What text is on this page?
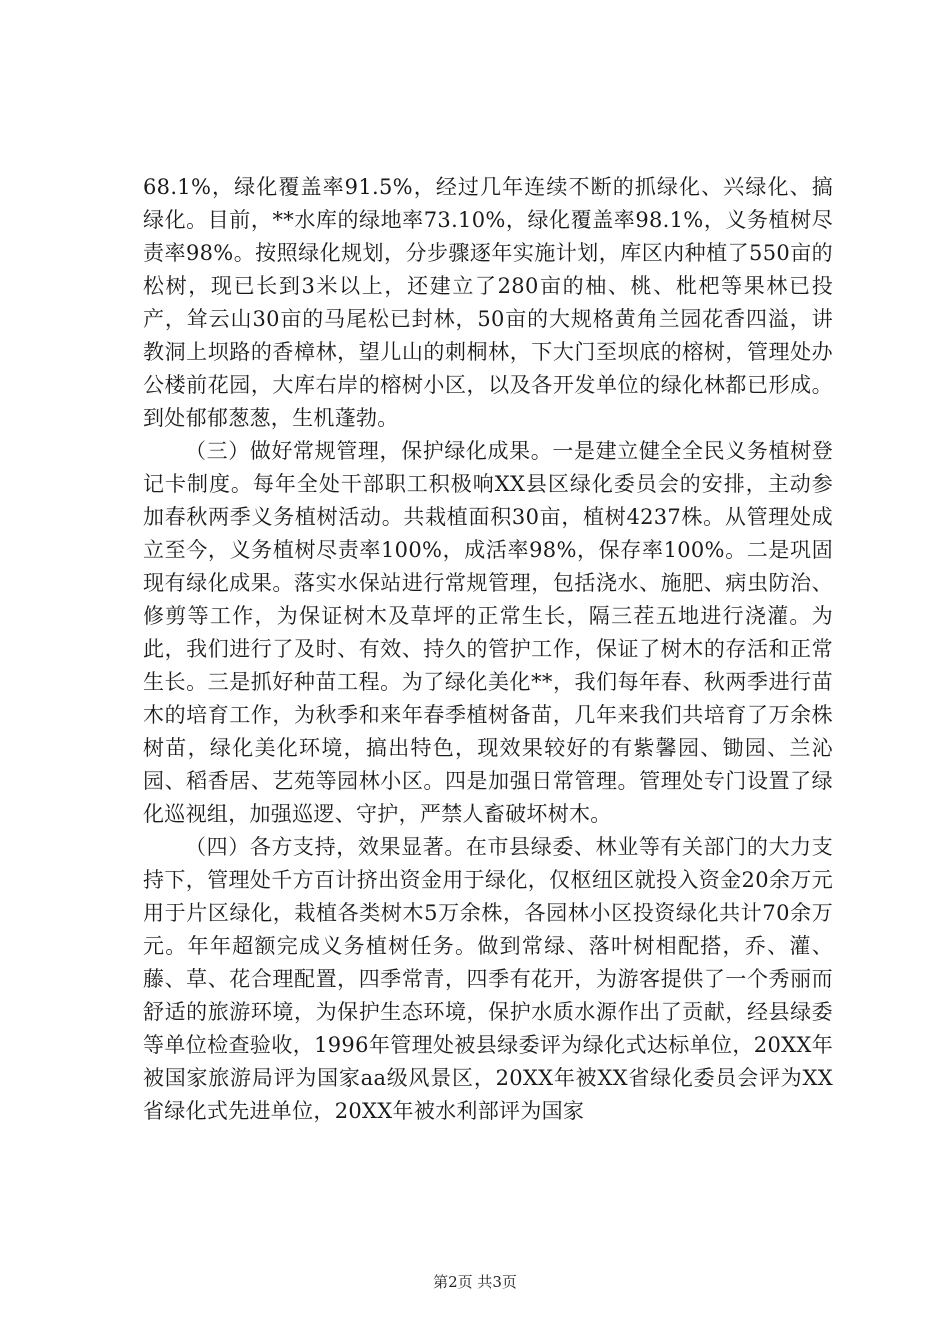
68.1%，绿化覆盖率91.5%，经过几年连续不断的抓绿化、兴绿化、搞绿化。目前，**水库的绿地率73.10%，绿化覆盖率98.1%，义务植树尽责率98%。按照绿化规划，分步骤逐年实施计划，库区内种植了550亩的松树，现已长到3米以上，还建立了280亩的柚、桃、枇杷等果林已投产，耸云山30亩的马尾松已封林，50亩的大规格黄角兰园花香四溢，讲教洞上坝路的香樟林，望儿山的刺桐林，下大门至坝底的榕树，管理处办公楼前花园，大库右岸的榕树小区，以及各开发单位的绿化林都已形成。到处郁郁葱葱，生机蓬勃。

（三）做好常规管理，保护绿化成果。一是建立健全全民义务植树登记卡制度。每年全处干部职工积极响XX县区绿化委员会的安排，主动参加春秋两季义务植树活动。共栽植面积30亩，植树4237株。从管理处成立至今，义务植树尽责率100%，成活率98%，保存率100%。二是巩固现有绿化成果。落实水保站进行常规管理，包括浇水、施肥、病虫防治、修剪等工作，为保证树木及草坪的正常生长，隔三茬五地进行浇灌。为此，我们进行了及时、有效、持久的管护工作，保证了树木的存活和正常生长。三是抓好种苗工程。为了绿化美化**，我们每年春、秋两季进行苗木的培育工作，为秋季和来年春季植树备苗，几年来我们共培育了万余株树苗，绿化美化环境，搞出特色，现效果较好的有紫馨园、锄园、兰沁园、稻香居、艺苑等园林小区。四是加强日常管理。管理处专门设置了绿化巡视组，加强巡逻、守护，严禁人畜破坏树木。

（四）各方支持，效果显著。在市县绿委、林业等有关部门的大力支持下，管理处千方百计挤出资金用于绿化，仅枢纽区就投入资金20余万元用于片区绿化，栽植各类树木5万余株，各园林小区投资绿化共计70余万元。年年超额完成义务植树任务。做到常绿、落叶树相配搭，乔、灌、藤、草、花合理配置，四季常青，四季有花开，为游客提供了一个秀丽而舒适的旅游环境，为保护生态环境，保护水质水源作出了贡献，经县绿委等单位检查验收，1996年管理处被县绿委评为绿化式达标单位，20XX年被国家旅游局评为国家aa级风景区，20XX年被XX省绿化委员会评为XX省绿化式先进单位，20XX年被水利部评为国家

第2页 共3页
